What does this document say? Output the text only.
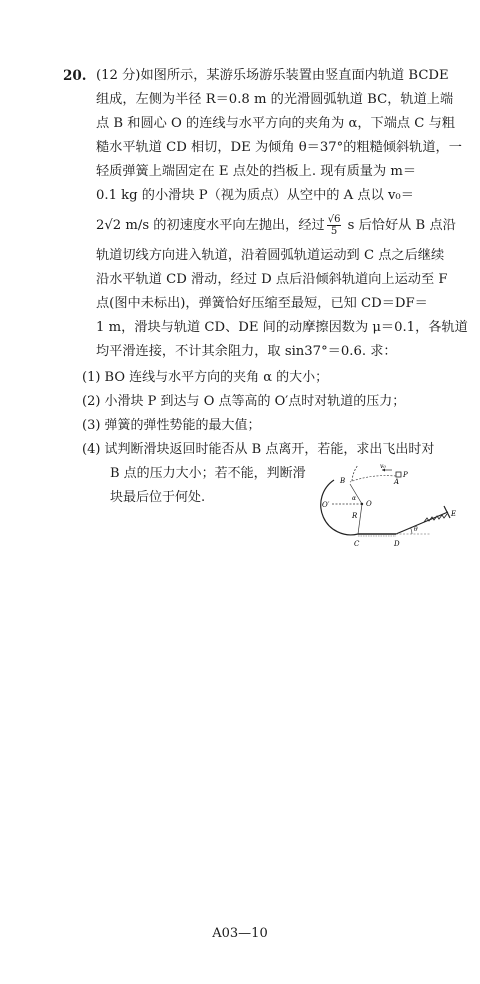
20. (12 分)如图所示，某游乐场游乐装置由竖直面内轨道 BCDE
组成，左侧为半径 R＝0.8 m 的光滑圆弧轨道 BC，轨道上端
点 B 和圆心 O 的连线与水平方向的夹角为 α，下端点 C 与粗
糙水平轨道 CD 相切，DE 为倾角 θ＝37°的粗糙倾斜轨道，一
轻质弹簧上端固定在 E 点处的挡板上. 现有质量为 m＝
0.1 kg 的小滑块 P（视为质点）从空中的 A 点以 v₀＝
2√2 m/s 的初速度水平向左抛出，经过 $\frac{√6}{5}$ s 后恰好从 B 点沿
轨道切线方向进入轨道，沿着圆弧轨道运动到 C 点之后继续
沿水平轨道 CD 滑动，经过 D 点后沿倾斜轨道向上运动至 F
点(图中未标出)，弹簧恰好压缩至最短，已知 CD＝DF＝
1 m，滑块与轨道 CD、DE 间的动摩擦因数为 μ＝0.1，各轨道
均平滑连接，不计其余阻力，取 sin37°＝0.6. 求：
(1) BO 连线与水平方向的夹角 α 的大小；
(2) 小滑块 P 到达与 O 点等高的 O′点时对轨道的压力；
(3) 弹簧的弹性势能的最大值；
(4) 试判断滑块返回时能否从 B 点离开，若能，求出飞出时对
B 点的压力大小；若不能，判断滑
块最后位于何处.
v₀
P
A
B
O′	O
α
R
C	D
E
θ
A03—10
